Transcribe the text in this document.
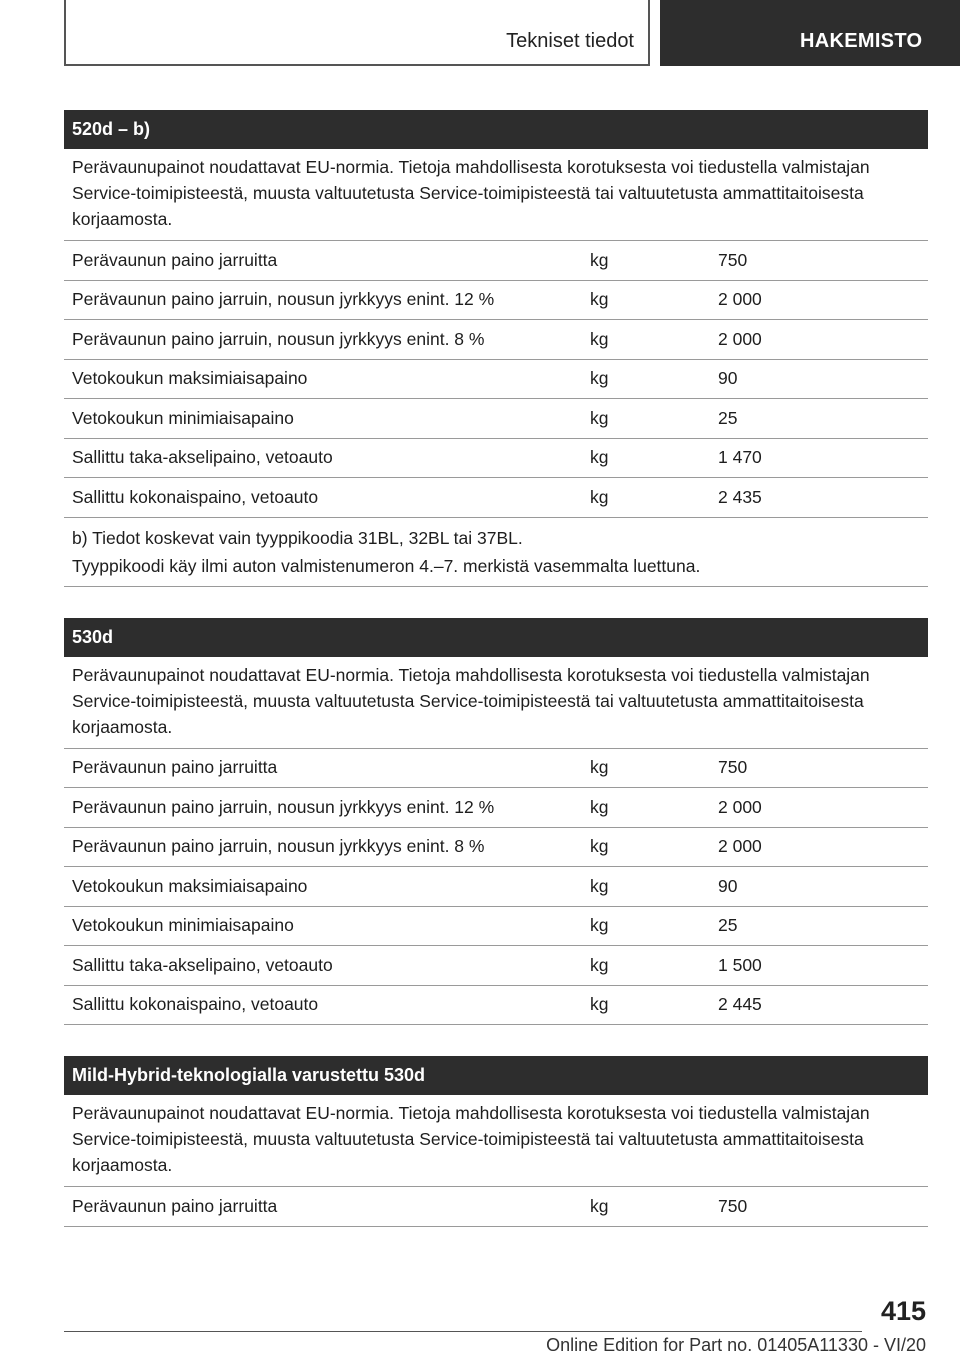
Tekniset tiedot	HAKEMISTO
520d – b)
Perävaunupainot noudattavat EU-normia. Tietoja mahdollisesta korotuksesta voi tiedustella valmistajan Service-toimipisteestä, muusta valtuutetusta Service-toimipisteestä tai valtuutetusta ammattitaitoisesta korjaamosta.
Perävaunun paino jarruitta	kg	750
Perävaunun paino jarruin, nousun jyrkkyys enint. 12 %	kg	2 000
Perävaunun paino jarruin, nousun jyrkkyys enint. 8 %	kg	2 000
Vetokoukun maksimiaisapaino	kg	90
Vetokoukun minimiaisapaino	kg	25
Sallittu taka-akselipaino, vetoauto	kg	1 470
Sallittu kokonaispaino, vetoauto	kg	2 435
b) Tiedot koskevat vain tyyppikoodia 31BL, 32BL tai 37BL.
Tyyppikoodi käy ilmi auton valmistenumeron 4.–7. merkistä vasemmalta luettuna.
530d
Perävaunupainot noudattavat EU-normia. Tietoja mahdollisesta korotuksesta voi tiedustella valmistajan Service-toimipisteestä, muusta valtuutetusta Service-toimipisteestä tai valtuutetusta ammattitaitoisesta korjaamosta.
Perävaunun paino jarruitta	kg	750
Perävaunun paino jarruin, nousun jyrkkyys enint. 12 %	kg	2 000
Perävaunun paino jarruin, nousun jyrkkyys enint. 8 %	kg	2 000
Vetokoukun maksimiaisapaino	kg	90
Vetokoukun minimiaisapaino	kg	25
Sallittu taka-akselipaino, vetoauto	kg	1 500
Sallittu kokonaispaino, vetoauto	kg	2 445
Mild-Hybrid-teknologialla varustettu 530d
Perävaunupainot noudattavat EU-normia. Tietoja mahdollisesta korotuksesta voi tiedustella valmistajan Service-toimipisteestä, muusta valtuutetusta Service-toimipisteestä tai valtuutetusta ammattitaitoisesta korjaamosta.
Perävaunun paino jarruitta	kg	750
415
Online Edition for Part no. 01405A11330 - VI/20
